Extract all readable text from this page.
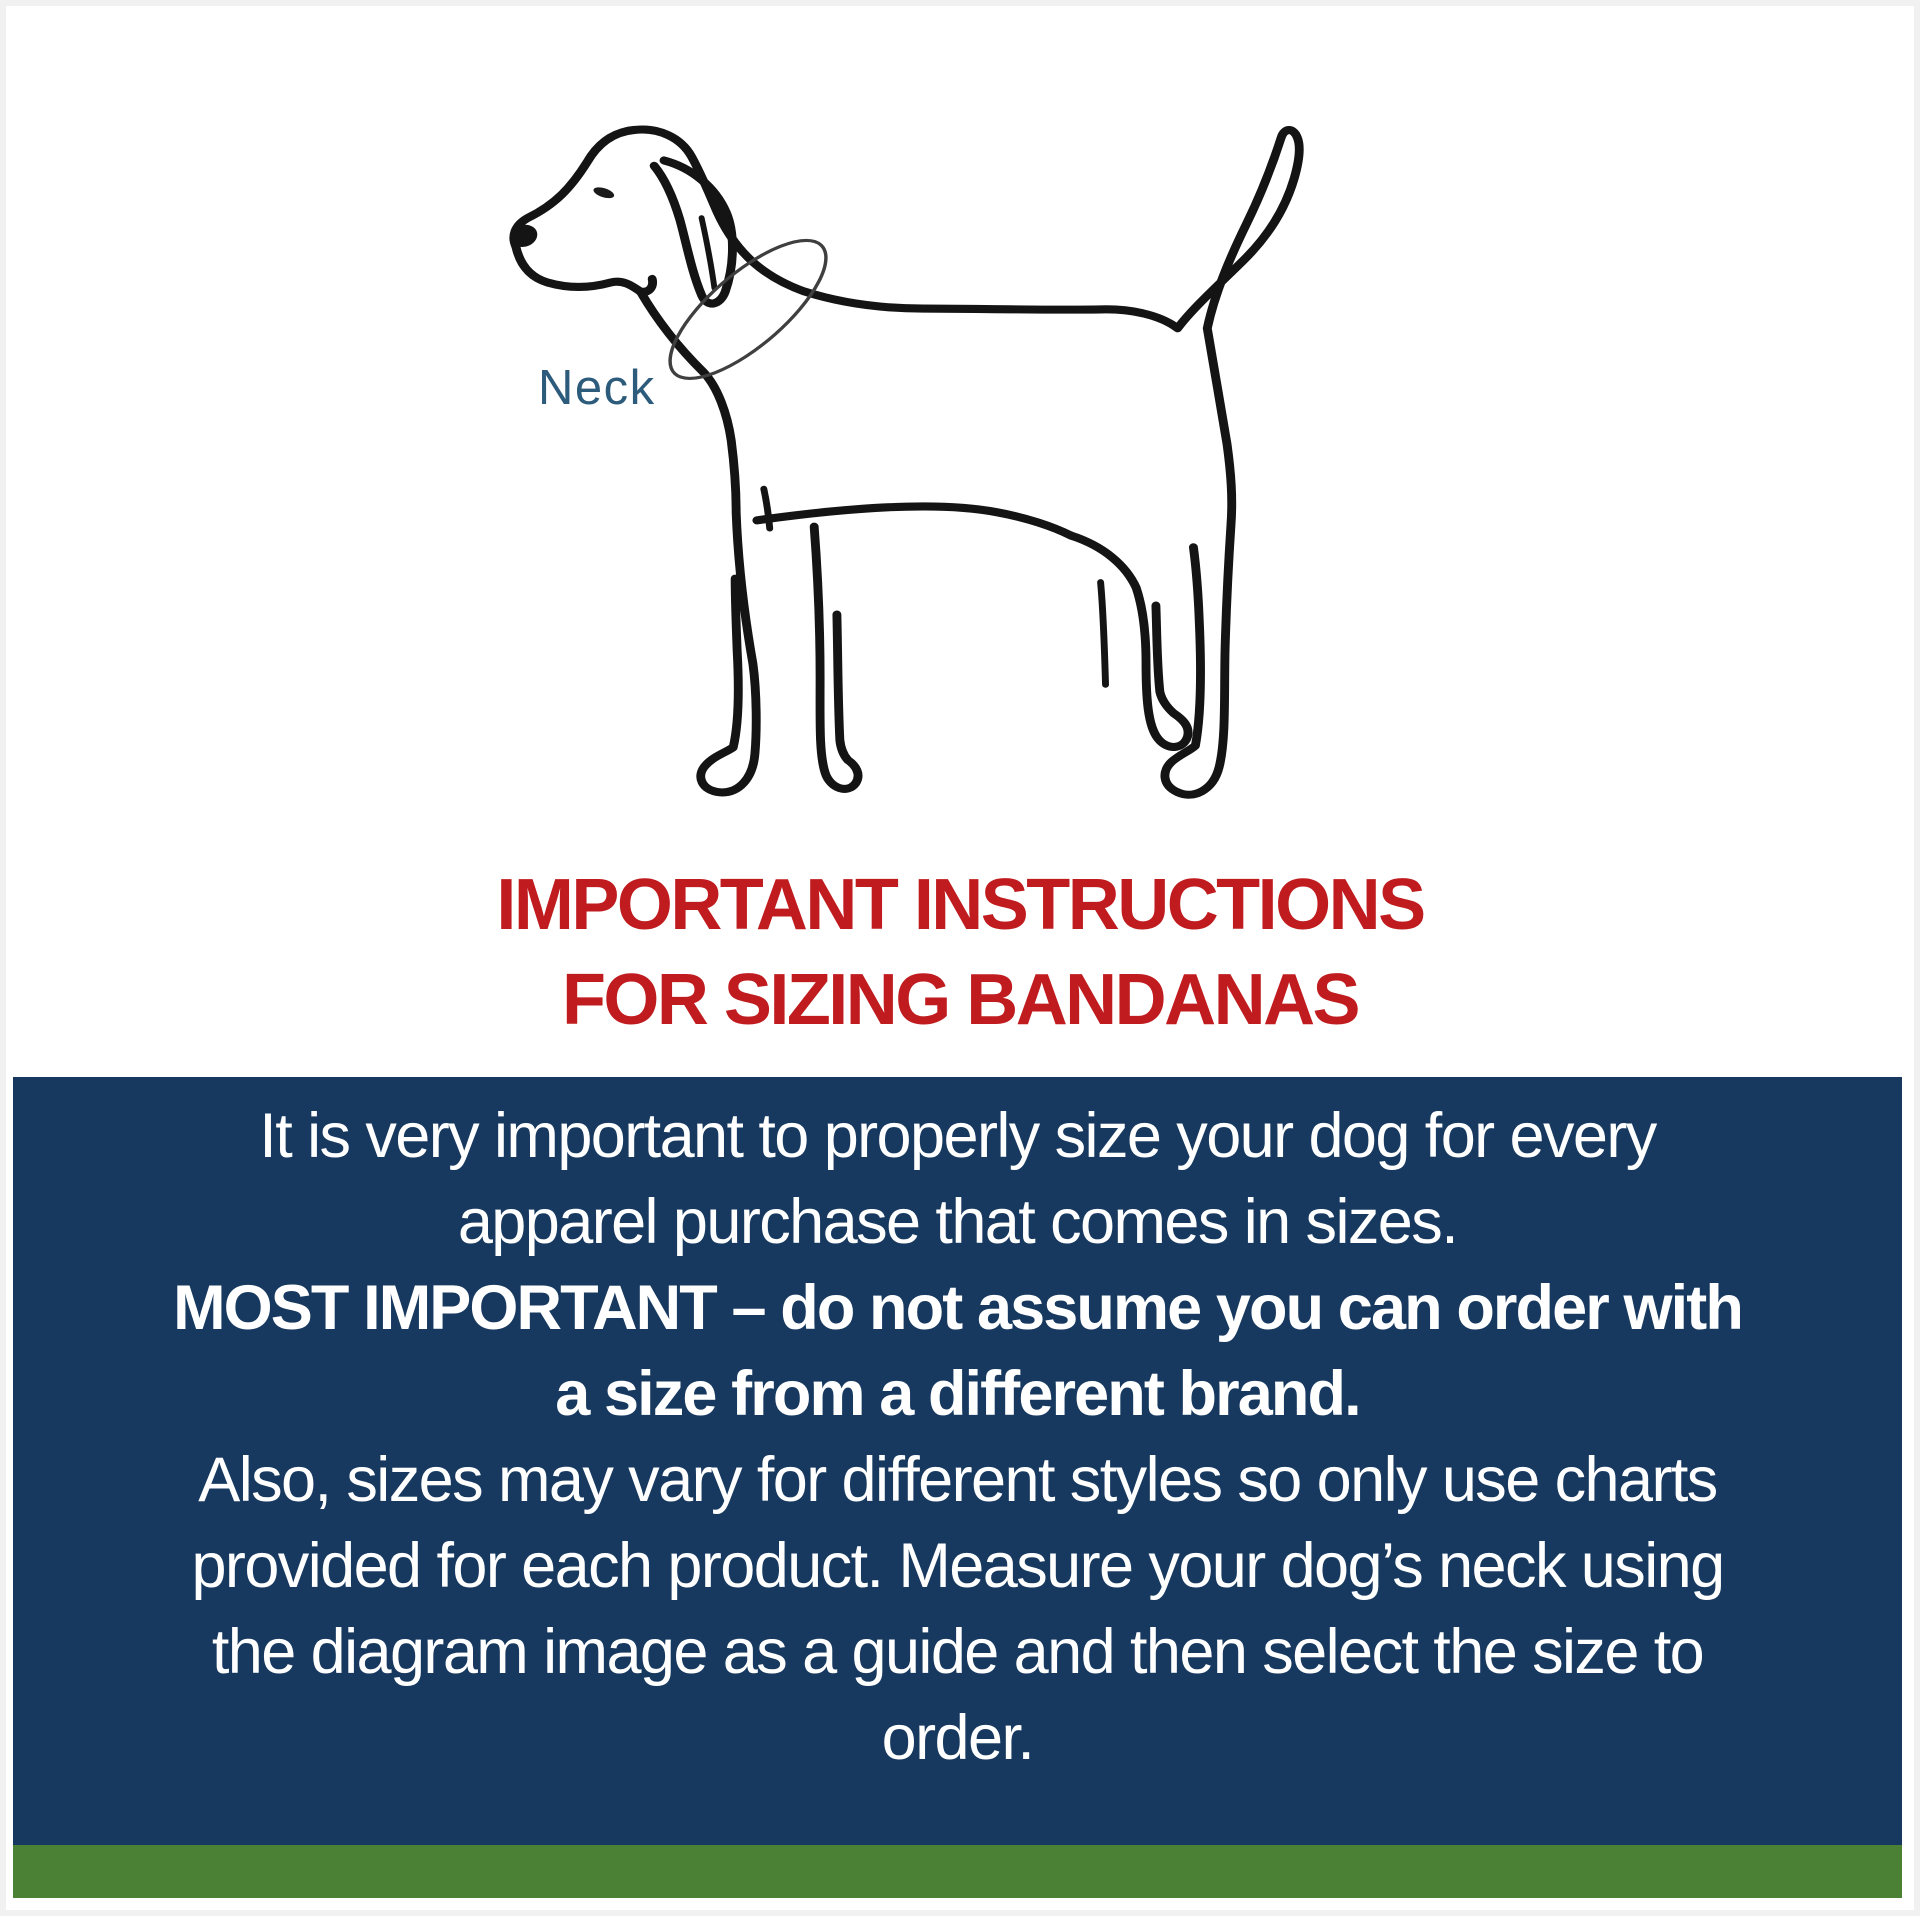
Neck
IMPORTANT INSTRUCTIONS
FOR SIZING BANDANAS
It is very important to properly size your dog for every
apparel purchase that comes in sizes.
MOST IMPORTANT – do not assume you can order with
a size from a different brand.
Also, sizes may vary for different styles so only use charts
provided for each product. Measure your dog’s neck using
the diagram image as a guide and then select the size to
order.
